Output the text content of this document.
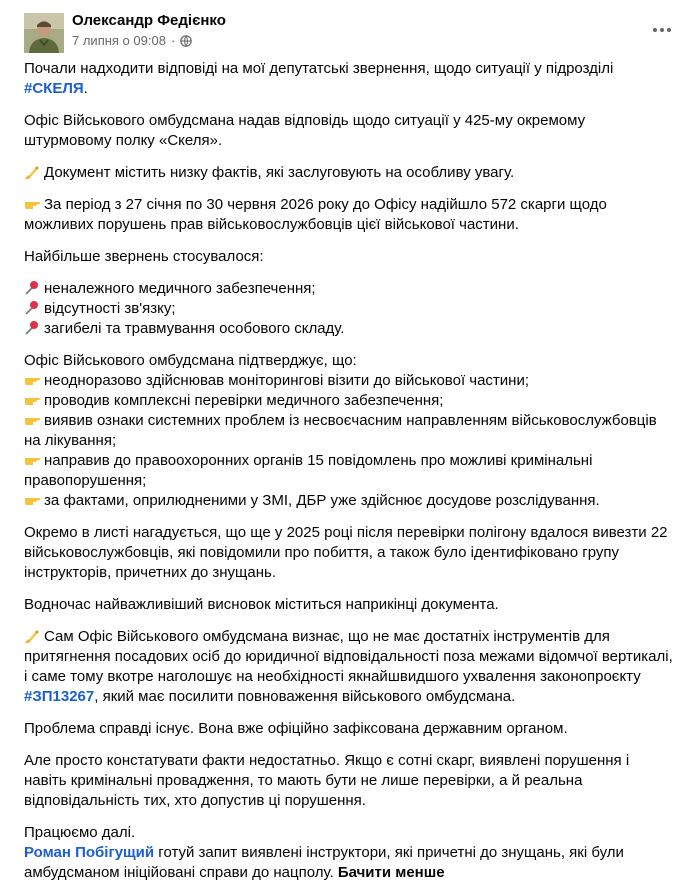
Олександр Федієнко
7 липня о 09:08 ·

Почали надходити відповіді на мої депутатські звернення, щодо ситуації у підрозділі #СКЕЛЯ.

Офіс Військового омбудсмана надав відповідь щодо ситуації у 425-му окремому штурмовому полку «Скеля».

Документ містить низку фактів, які заслуговують на особливу увагу.

За період з 27 січня по 30 червня 2026 року до Офісу надійшло 572 скарги щодо можливих порушень прав військовослужбовців цієї військової частини.

Найбільше звернень стосувалося:

неналежного медичного забезпечення;
відсутності зв'язку;
загибелі та травмування особового складу.

Офіс Військового омбудсмана підтверджує, що:
неодноразово здійснював моніторингові візити до військової частини;
проводив комплексні перевірки медичного забезпечення;
виявив ознаки системних проблем із несвоєчасним направленням військовослужбовців на лікування;
направив до правоохоронних органів 15 повідомлень про можливі кримінальні правопорушення;
за фактами, оприлюдненими у ЗМІ, ДБР уже здійснює досудове розслідування.

Окремо в листі нагадується, що ще у 2025 році після перевірки полігону вдалося вивезти 22 військовослужбовців, які повідомили про побиття, а також було ідентифіковано групу інструкторів, причетних до знущань.

Водночас найважливіший висновок міститься наприкінці документа.

Сам Офіс Військового омбудсмана визнає, що не має достатніх інструментів для притягнення посадових осіб до юридичної відповідальності поза межами відомчої вертикалі, і саме тому вкотре наголошує на необхідності якнайшвидшого ухвалення законопроєкту #ЗП13267, який має посилити повноваження військового омбудсмана.

Проблема справді існує. Вона вже офіційно зафіксована державним органом.

Але просто констатувати факти недостатньо. Якщо є сотні скарг, виявлені порушення і навіть кримінальні провадження, то мають бути не лише перевірки, а й реальна відповідальність тих, хто допустив ці порушення.

Працюємо далі.
Роман Побігущий готуй запит виявлені інструктори, які причетні до знущань, які були амбудсманом ініційовані справи до нацполу. Бачити менше
